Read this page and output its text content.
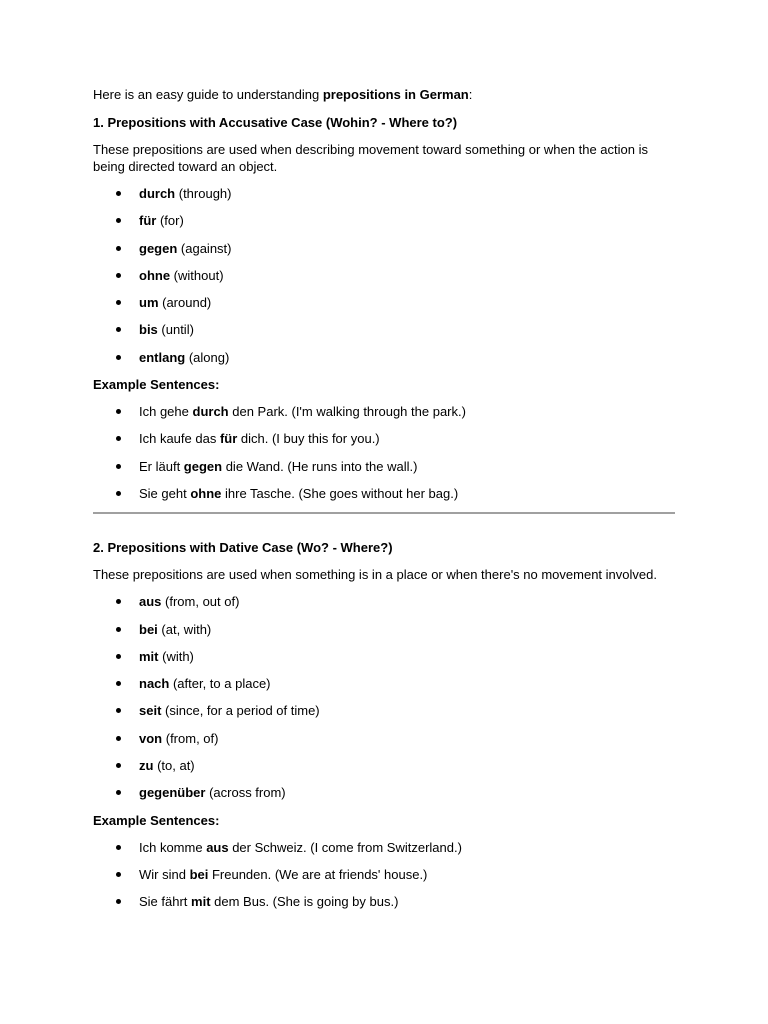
Here is an easy guide to understanding prepositions in German:

1. Prepositions with Accusative Case (Wohin? - Where to?)

These prepositions are used when describing movement toward something or when the action is being directed toward an object.

durch (through)
für (for)
gegen (against)
ohne (without)
um (around)
bis (until)
entlang (along)

Example Sentences:

Ich gehe durch den Park. (I'm walking through the park.)
Ich kaufe das für dich. (I buy this for you.)
Er läuft gegen die Wand. (He runs into the wall.)
Sie geht ohne ihre Tasche. (She goes without her bag.)

2. Prepositions with Dative Case (Wo? - Where?)

These prepositions are used when something is in a place or when there's no movement involved.

aus (from, out of)
bei (at, with)
mit (with)
nach (after, to a place)
seit (since, for a period of time)
von (from, of)
zu (to, at)
gegenüber (across from)

Example Sentences:

Ich komme aus der Schweiz. (I come from Switzerland.)
Wir sind bei Freunden. (We are at friends' house.)
Sie fährt mit dem Bus. (She is going by bus.)
